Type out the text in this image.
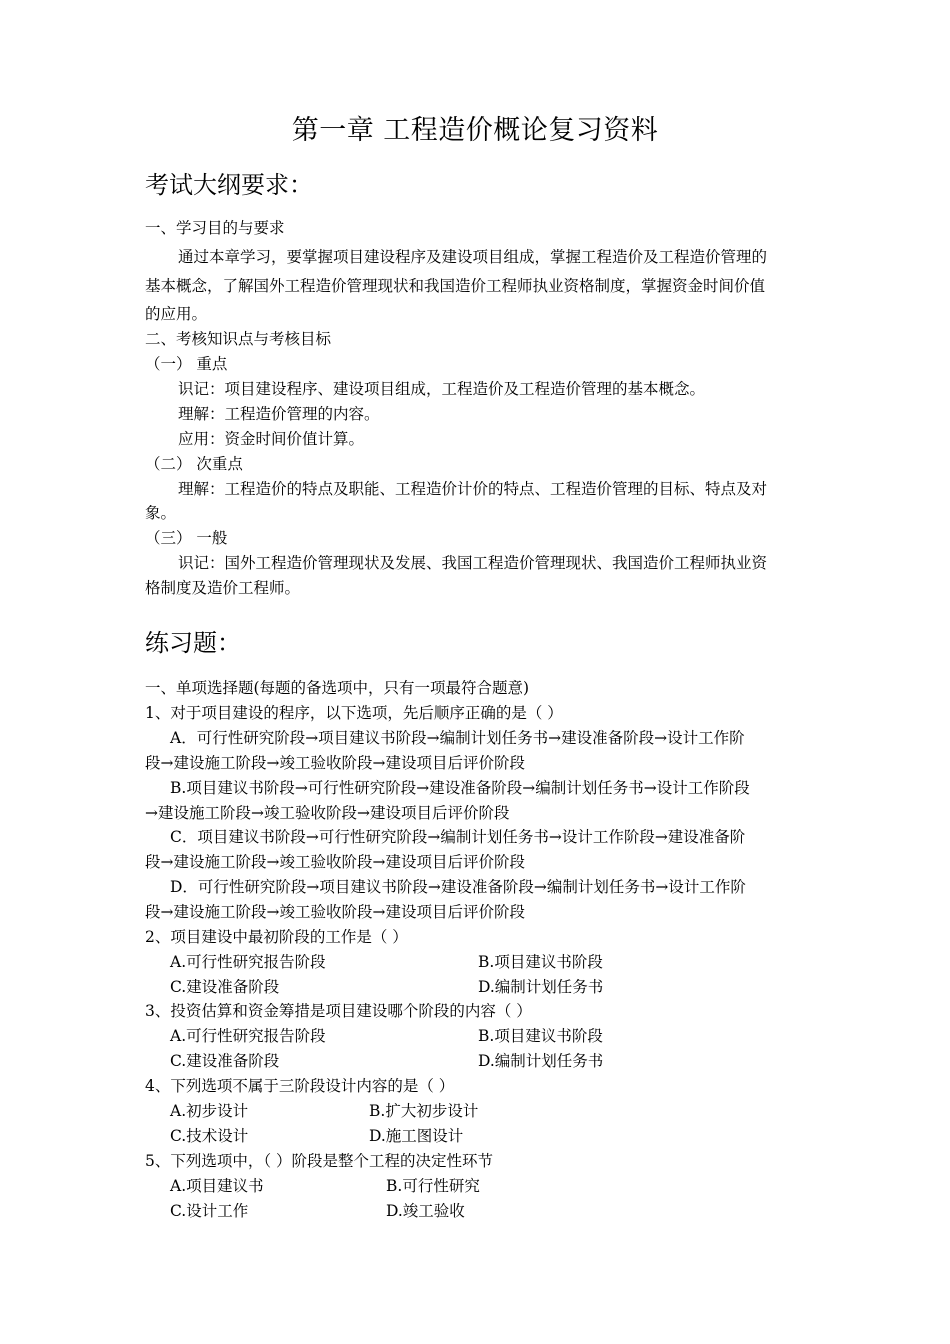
第一章 工程造价概论复习资料
考试大纲要求：
一、学习目的与要求
通过本章学习，要掌握项目建设程序及建设项目组成，掌握工程造价及工程造价管理的
基本概念，了解国外工程造价管理现状和我国造价工程师执业资格制度，掌握资金时间价值
的应用。
二、考核知识点与考核目标
（一） 重点
识记：项目建设程序、建设项目组成，工程造价及工程造价管理的基本概念。
理解：工程造价管理的内容。
应用：资金时间价值计算。
（二） 次重点
理解：工程造价的特点及职能、工程造价计价的特点、工程造价管理的目标、特点及对
象。
（三） 一般
识记：国外工程造价管理现状及发展、我国工程造价管理现状、我国造价工程师执业资
格制度及造价工程师。
练习题：
一、单项选择题(每题的备选项中，只有一项最符合题意)
1、对于项目建设的程序，以下选项，先后顺序正确的是（ ）
A．可行性研究阶段→项目建议书阶段→编制计划任务书→建设准备阶段→设计工作阶
段→建设施工阶段→竣工验收阶段→建设项目后评价阶段
B.项目建议书阶段→可行性研究阶段→建设准备阶段→编制计划任务书→设计工作阶段
→建设施工阶段→竣工验收阶段→建设项目后评价阶段
C．项目建议书阶段→可行性研究阶段→编制计划任务书→设计工作阶段→建设准备阶
段→建设施工阶段→竣工验收阶段→建设项目后评价阶段
D．可行性研究阶段→项目建议书阶段→建设准备阶段→编制计划任务书→设计工作阶
段→建设施工阶段→竣工验收阶段→建设项目后评价阶段
2、项目建设中最初阶段的工作是（ ）
A.可行性研究报告阶段	B.项目建议书阶段
C.建设准备阶段	D.编制计划任务书
3、投资估算和资金筹措是项目建设哪个阶段的内容（ ）
A.可行性研究报告阶段	B.项目建议书阶段
C.建设准备阶段	D.编制计划任务书
4、下列选项不属于三阶段设计内容的是（ ）
A.初步设计	B.扩大初步设计
C.技术设计	D.施工图设计
5、下列选项中，（ ）阶段是整个工程的决定性环节
A.项目建议书	B.可行性研究
C.设计工作	D.竣工验收
